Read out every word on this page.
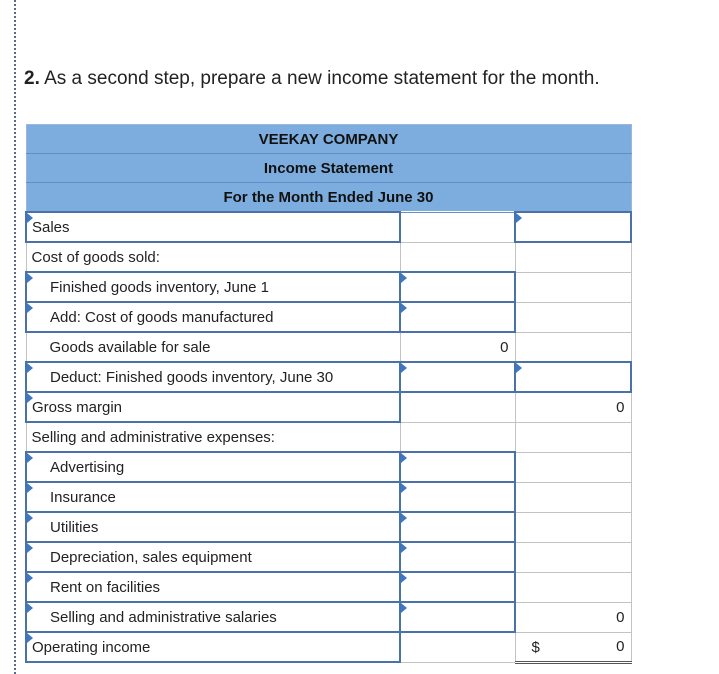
2. As a second step, prepare a new income statement for the month.
VEEKAY COMPANY		
Income Statement		
For the Month Ended June 30		
Sales		
Cost of goods sold:		
Finished goods inventory, June 1		
Add: Cost of goods manufactured		
Goods available for sale	0	
Deduct: Finished goods inventory, June 30		
Gross margin		0
Selling and administrative expenses:		
Advertising		
Insurance		
Utilities		
Depreciation, sales equipment		
Rent on facilities		
Selling and administrative salaries		0
Operating income		$ 0
